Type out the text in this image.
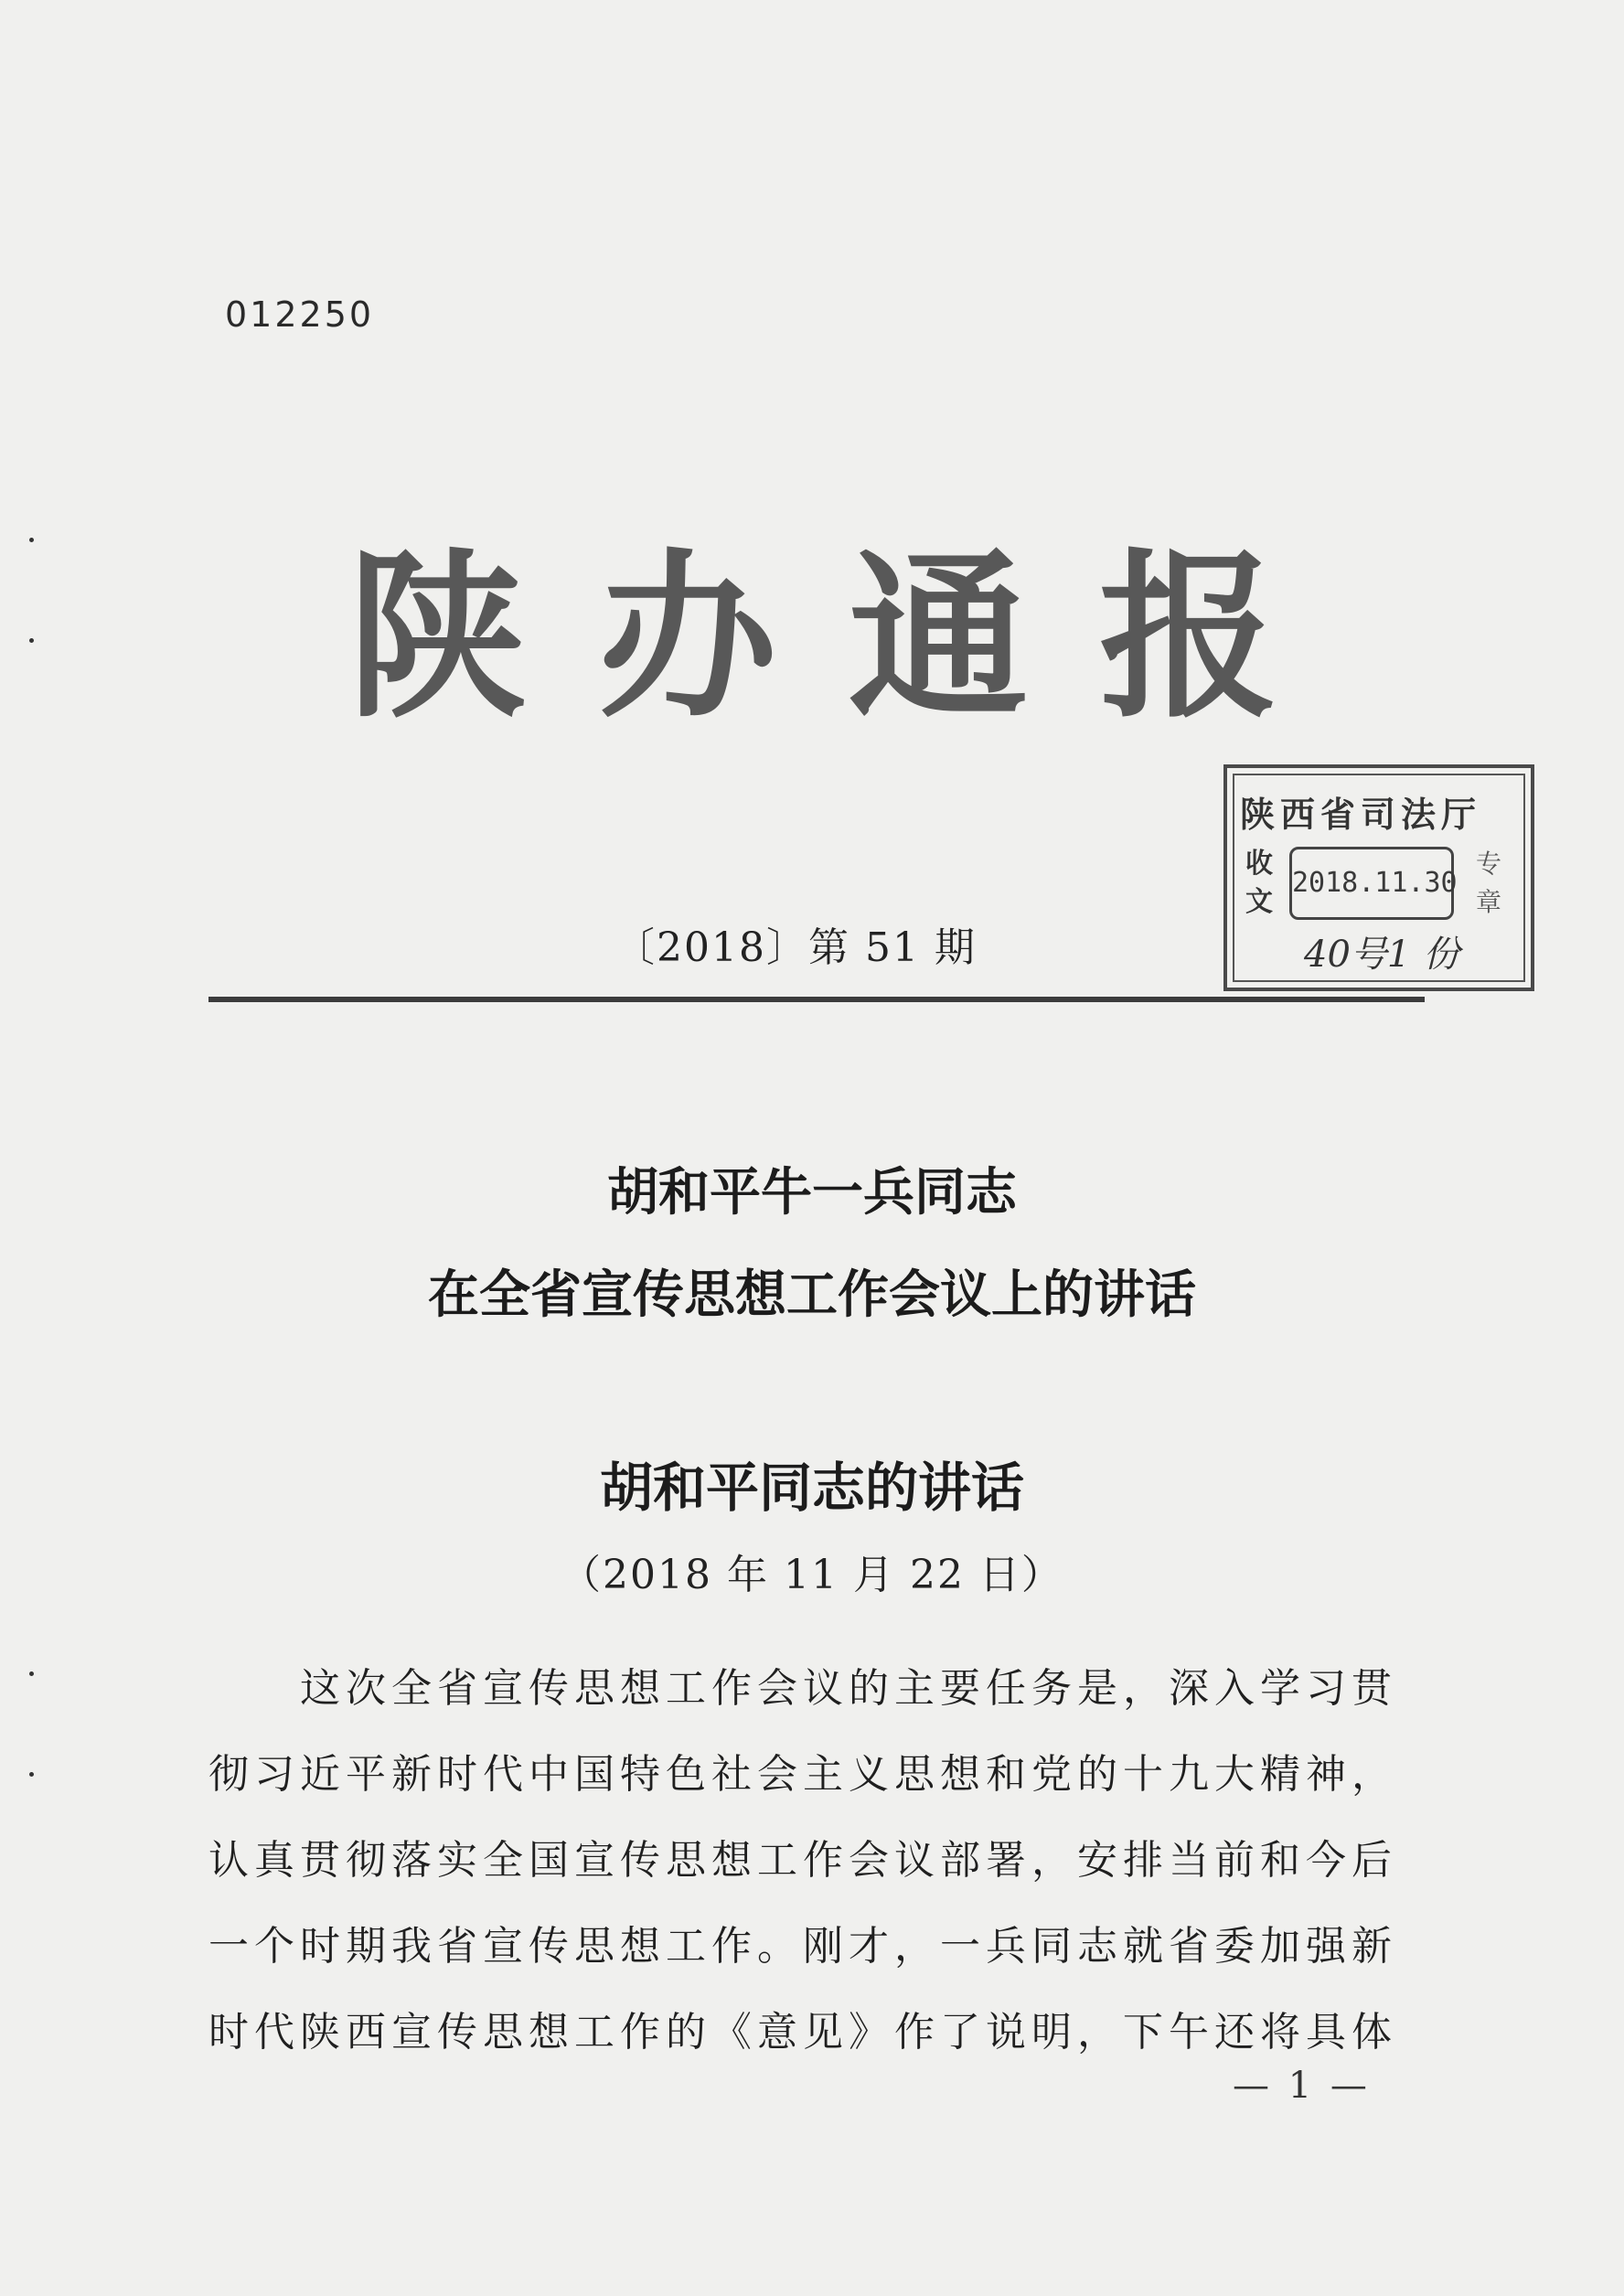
012250
陕办通报
陕西省司法厅
收文
2018.11.30
专章
40号1 份
〔2018〕第 51 期
胡和平牛一兵同志
在全省宣传思想工作会议上的讲话
胡和平同志的讲话
（2018 年 11 月 22 日）
这次全省宣传思想工作会议的主要任务是，深入学习贯
彻习近平新时代中国特色社会主义思想和党的十九大精神，
认真贯彻落实全国宣传思想工作会议部署，安排当前和今后
一个时期我省宣传思想工作。刚才，一兵同志就省委加强新
时代陕西宣传思想工作的《意见》作了说明，下午还将具体
— 1 —
